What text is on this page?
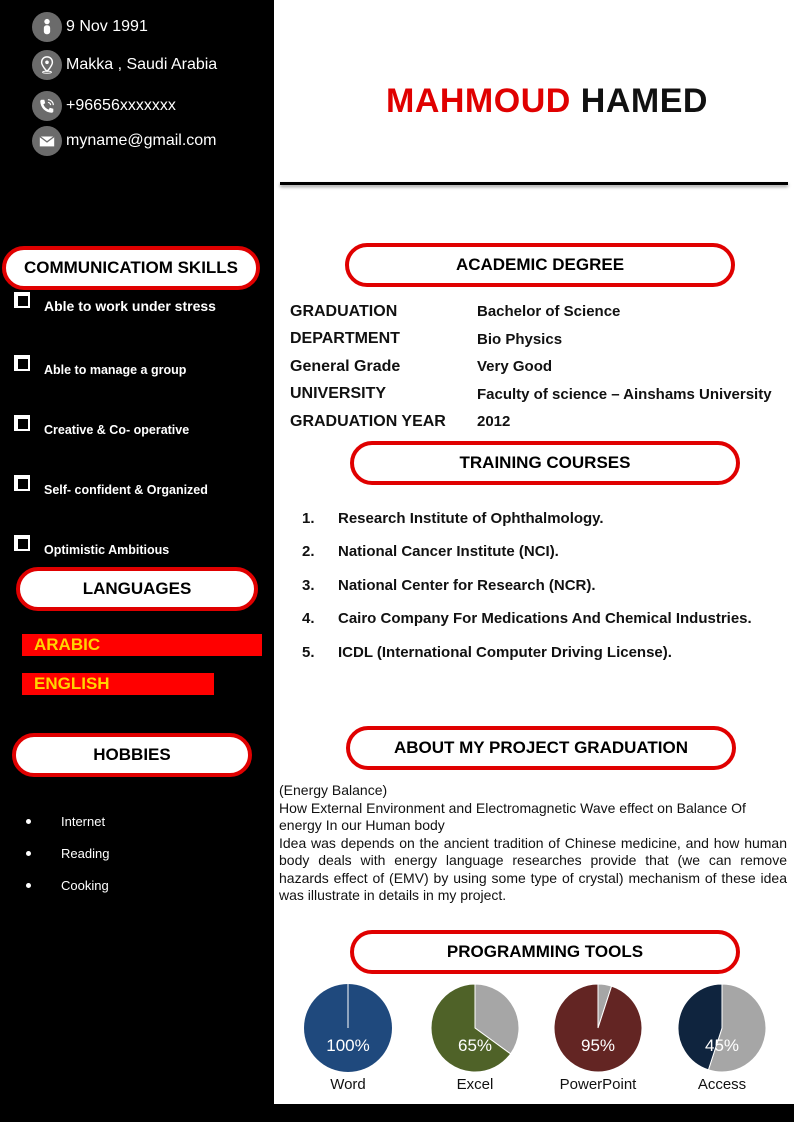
9 Nov 1991
Makka , Saudi Arabia
+96656xxxxxxx
myname@gmail.com
COMMUNICATIOM SKILLS
Able to work under stress
Able to manage a group
Creative & Co- operative
Self- confident & Organized
Optimistic Ambitious
LANGUAGES
ARABIC
ENGLISH
HOBBIES
Internet
Reading
Cooking
MAHMOUD HAMED
ACADEMIC DEGREE
GRADUATION	Bachelor of Science
DEPARTMENT	Bio Physics
General Grade	Very Good
UNIVERSITY	Faculty of science – Ainshams University
GRADUATION YEAR	2012
TRAINING COURSES
1.	Research Institute of Ophthalmology.
2.	National Cancer Institute (NCI).
3.	National Center for Research (NCR).
4.	Cairo Company For Medications And Chemical Industries.
5.	ICDL (International Computer Driving License).
ABOUT MY PROJECT GRADUATION
(Energy Balance)
How External Environment and Electromagnetic Wave effect on Balance Of energy In our Human body
Idea was depends on the ancient tradition of Chinese medicine, and how human body deals with energy language researches provide that (we can remove hazards effect of (EMV) by using some type of crystal) mechanism of these idea was illustrate in details in my project.
PROGRAMMING TOOLS
100%
Word
65%
Excel
95%
PowerPoint
45%
Access
